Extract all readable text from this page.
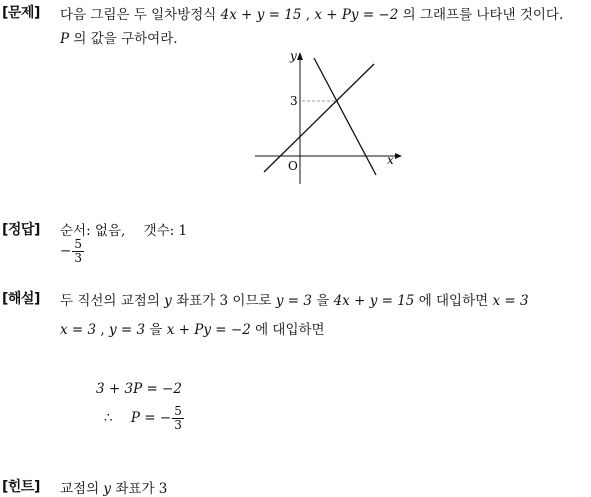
[문제] 다음 그림은 두 일차방정식 4x + y = 15 , x + Py = −2 의 그래프를 나타낸 것이다.
P 의 값을 구하여라.
y
x
O
3
[정답] 순서: 없음, 갯수: 1
− $\frac{5}{3}$
[해설] 두 직선의 교점의 y 좌표가 3 이므로 y = 3 을 4x + y = 15 에 대입하면 x = 3
x = 3 , y = 3 을 x + Py = −2 에 대입하면
3 + 3P = −2
∴ P = − $\frac{5}{3}$
[힌트] 교점의 y 좌표가 3
